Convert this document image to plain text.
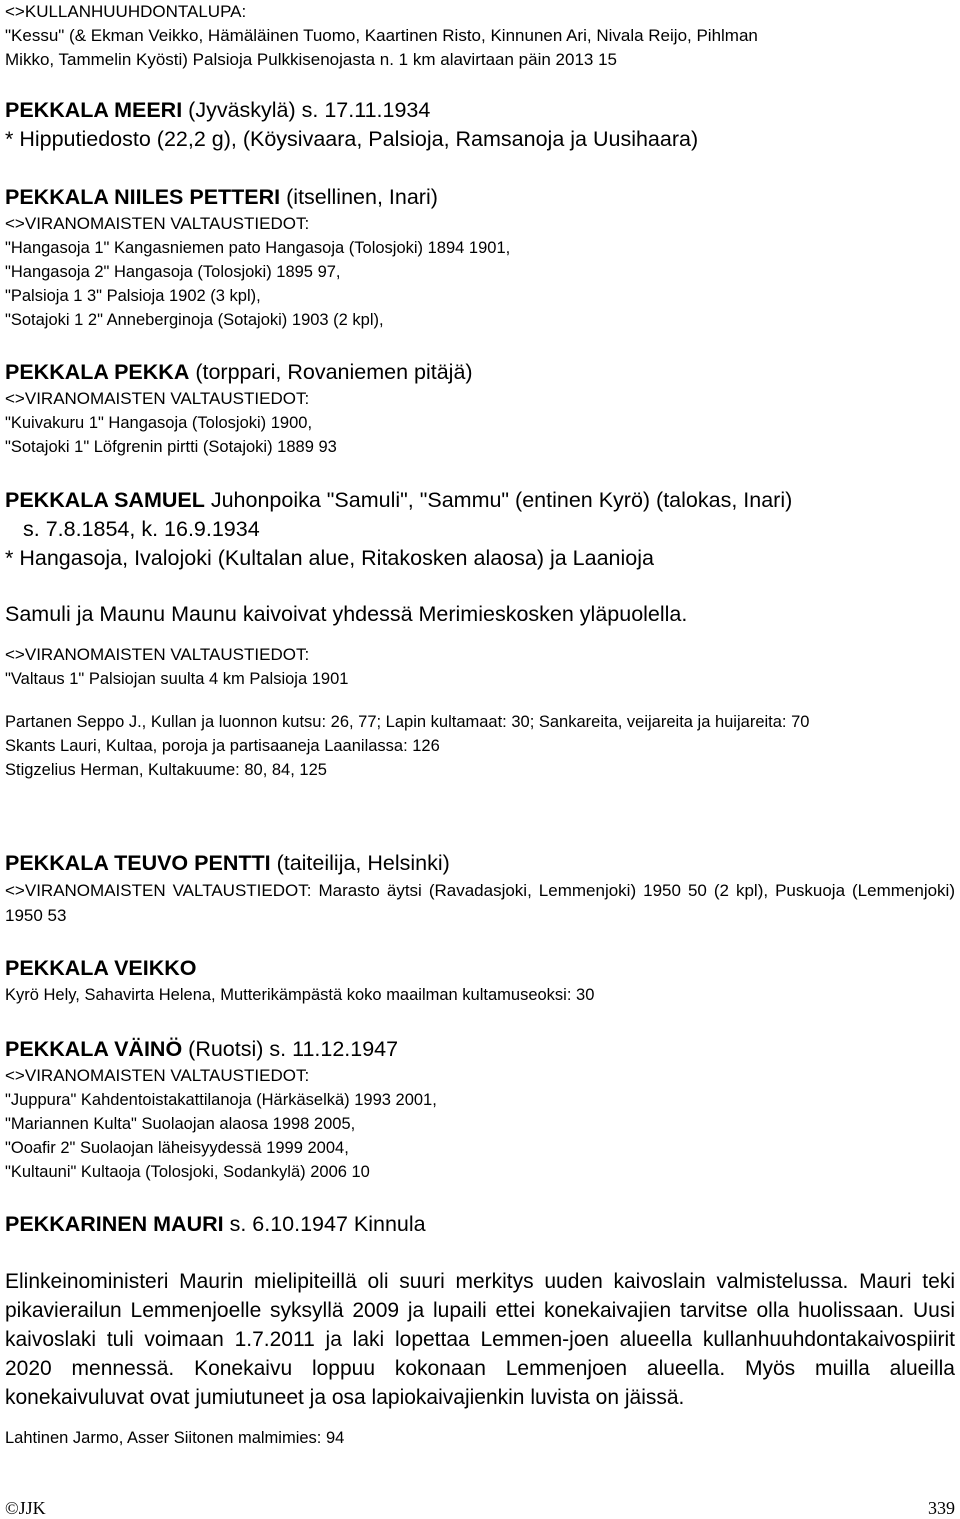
<>KULLANHUUHDONTALUPA:
"Kessu" (& Ekman Veikko, Hämäläinen Tuomo, Kaartinen Risto, Kinnunen Ari, Nivala Reijo, Pihlman
Mikko, Tammelin Kyösti) Palsioja Pulkkisenojasta n. 1 km alavirtaan päin 2013 15
PEKKALA MEERI (Jyväskylä) s. 17.11.1934
* Hipputiedosto (22,2 g), (Köysivaara, Palsioja, Ramsanoja ja Uusihaara)
PEKKALA NIILES PETTERI (itsellinen, Inari)
<>VIRANOMAISTEN VALTAUSTIEDOT:
"Hangasoja 1" Kangasniemen pato Hangasoja (Tolosjoki) 1894 1901,
"Hangasoja 2" Hangasoja (Tolosjoki) 1895 97,
"Palsioja 1 3" Palsioja 1902 (3 kpl),
"Sotajoki 1 2" Anneberginoja (Sotajoki) 1903 (2 kpl),
PEKKALA PEKKA (torppari, Rovaniemen pitäjä)
<>VIRANOMAISTEN VALTAUSTIEDOT:
"Kuivakuru 1" Hangasoja (Tolosjoki) 1900,
"Sotajoki 1" Löfgrenin pirtti (Sotajoki) 1889 93
PEKKALA SAMUEL Juhonpoika "Samuli", "Sammu" (entinen Kyrö) (talokas, Inari)
s. 7.8.1854, k. 16.9.1934
* Hangasoja, Ivalojoki (Kultalan alue, Ritakosken alaosa) ja Laanioja
Samuli ja Maunu Maunu kaivoivat yhdessä Merimieskosken yläpuolella.
<>VIRANOMAISTEN VALTAUSTIEDOT:
"Valtaus 1" Palsiojan suulta 4 km Palsioja 1901
Partanen Seppo J., Kullan ja luonnon kutsu: 26, 77; Lapin kultamaat: 30; Sankareita, veijareita ja huijareita: 70
Skants Lauri, Kultaa, poroja ja partisaaneja Laanilassa: 126
Stigzelius Herman, Kultakuume: 80, 84, 125
PEKKALA TEUVO PENTTI (taiteilija, Helsinki)
<>VIRANOMAISTEN VALTAUSTIEDOT: Marasto äytsi (Ravadasjoki, Lemmenjoki) 1950 50 (2 kpl), Puskuoja (Lemmenjoki) 1950 53
PEKKALA VEIKKO
Kyrö Hely, Sahavirta Helena, Mutterikämpästä koko maailman kultamuseoksi: 30
PEKKALA VÄINÖ (Ruotsi) s. 11.12.1947
<>VIRANOMAISTEN VALTAUSTIEDOT:
"Juppura" Kahdentoistakattilanoja (Härkäselkä) 1993 2001,
"Mariannen Kulta" Suolaojan alaosa 1998 2005,
"Ooafir 2" Suolaojan läheisyydessä 1999 2004,
"Kultauni" Kultaoja (Tolosjoki, Sodankylä) 2006 10
PEKKARINEN MAURI s. 6.10.1947 Kinnula
Elinkeinoministeri Maurin mielipiteillä oli suuri merkitys uuden kaivoslain valmistelussa. Mauri teki pikavierailun Lemmenjoelle syksyllä 2009 ja lupaili ettei konekaivajien tarvitse olla huolissaan. Uusi kaivoslaki tuli voimaan 1.7.2011 ja laki lopettaa Lemmen-joen alueella kullanhuuhdontakaivospiirit 2020 mennessä. Konekaivu loppuu kokonaan Lemmenjoen alueella. Myös muilla alueilla konekaivuluvat ovat jumiutuneet ja osa lapiokaivajienkin luvista on jäissä.
Lahtinen Jarmo, Asser Siitonen malmimies: 94
©JJK	339
